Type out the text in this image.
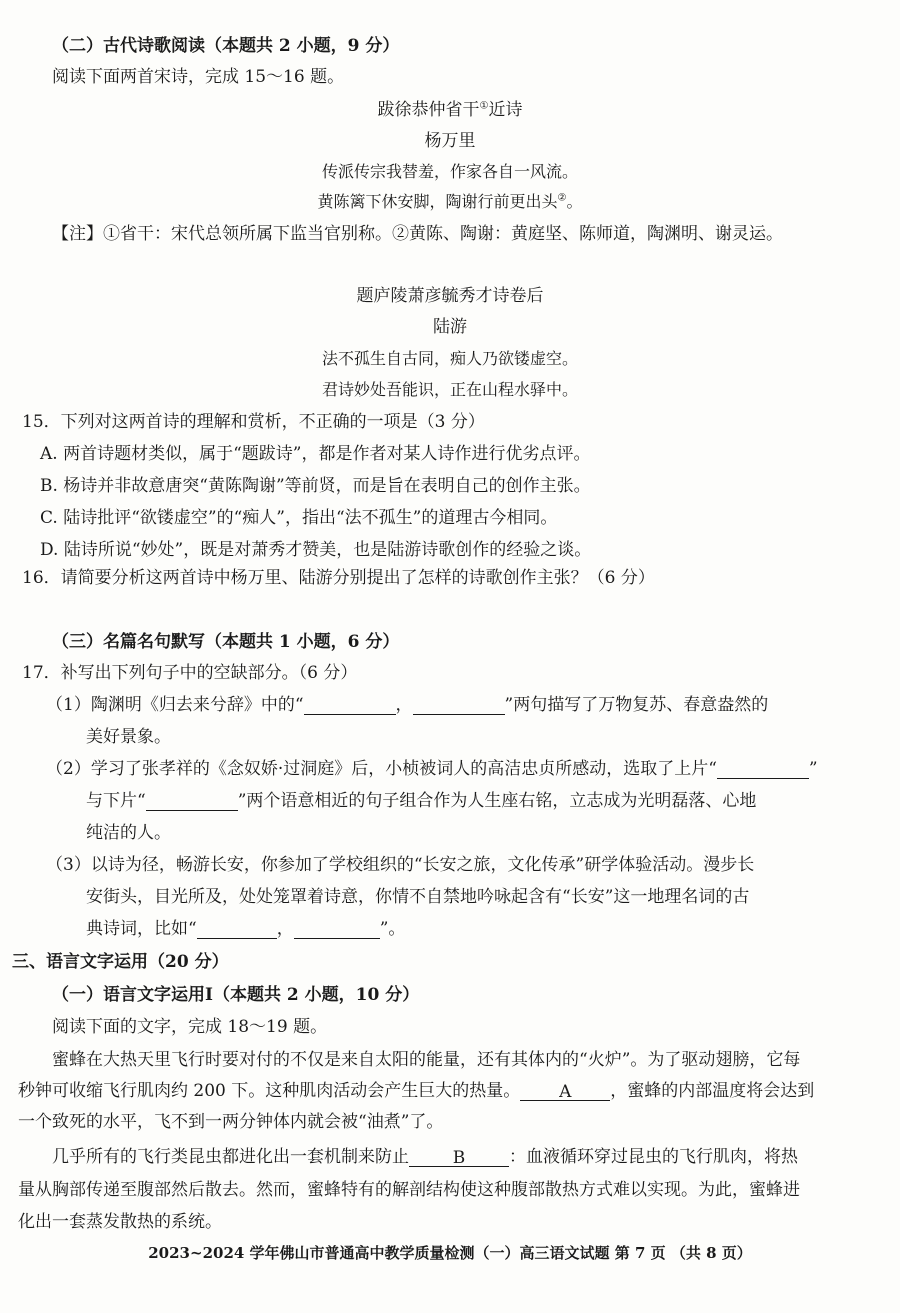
（二）古代诗歌阅读（本题共 2 小题，9 分）
阅读下面两首宋诗，完成 15～16 题。
跋徐恭仲省干①近诗
杨万里
传派传宗我替羞，作家各自一风流。
黄陈篱下休安脚，陶谢行前更出头②。
【注】①省干：宋代总领所属下监当官别称。②黄陈、陶谢：黄庭坚、陈师道，陶渊明、谢灵运。
题庐陵萧彦毓秀才诗卷后
陆游
法不孤生自古同，痴人乃欲镂虚空。
君诗妙处吾能识，正在山程水驿中。
15．下列对这两首诗的理解和赏析，不正确的一项是（3 分）
A. 两首诗题材类似，属于“题跋诗”，都是作者对某人诗作进行优劣点评。
B. 杨诗并非故意唐突“黄陈陶谢”等前贤，而是旨在表明自己的创作主张。
C. 陆诗批评“欲镂虚空”的“痴人”，指出“法不孤生”的道理古今相同。
D. 陆诗所说“妙处”，既是对萧秀才赞美，也是陆游诗歌创作的经验之谈。
16．请简要分析这两首诗中杨万里、陆游分别提出了怎样的诗歌创作主张？（6 分）
（三）名篇名句默写（本题共 1 小题，6 分）
17．补写出下列句子中的空缺部分。（6 分）
（1）陶渊明《归去来兮辞》中的“	，	”两句描写了万物复苏、春意盎然的
美好景象。
（2）学习了张孝祥的《念奴娇·过洞庭》后，小桢被词人的高洁忠贞所感动，选取了上片“	”
与下片“	”两个语意相近的句子组合作为人生座右铭，立志成为光明磊落、心地
纯洁的人。
（3）以诗为径，畅游长安，你参加了学校组织的“长安之旅，文化传承”研学体验活动。漫步长
安街头，目光所及，处处笼罩着诗意，你情不自禁地吟咏起含有“长安”这一地理名词的古
典诗词，比如“	，	”。
三、语言文字运用（20 分）
（一）语言文字运用Ⅰ（本题共 2 小题，10 分）
阅读下面的文字，完成 18～19 题。
蜜蜂在大热天里飞行时要对付的不仅是来自太阳的能量，还有其体内的“火炉”。为了驱动翅膀，它每
秒钟可收缩飞行肌肉约 200 下。这种肌肉活动会产生巨大的热量。 A ，蜜蜂的内部温度将会达到
一个致死的水平，飞不到一两分钟体内就会被“油煮”了。
几乎所有的飞行类昆虫都进化出一套机制来防止	B	：血液循环穿过昆虫的飞行肌肉，将热
量从胸部传递至腹部然后散去。然而，蜜蜂特有的解剖结构使这种腹部散热方式难以实现。为此，蜜蜂进
化出一套蒸发散热的系统。
2023~2024 学年佛山市普通高中教学质量检测（一）高三语文试题 第 7 页 （共 8 页）
